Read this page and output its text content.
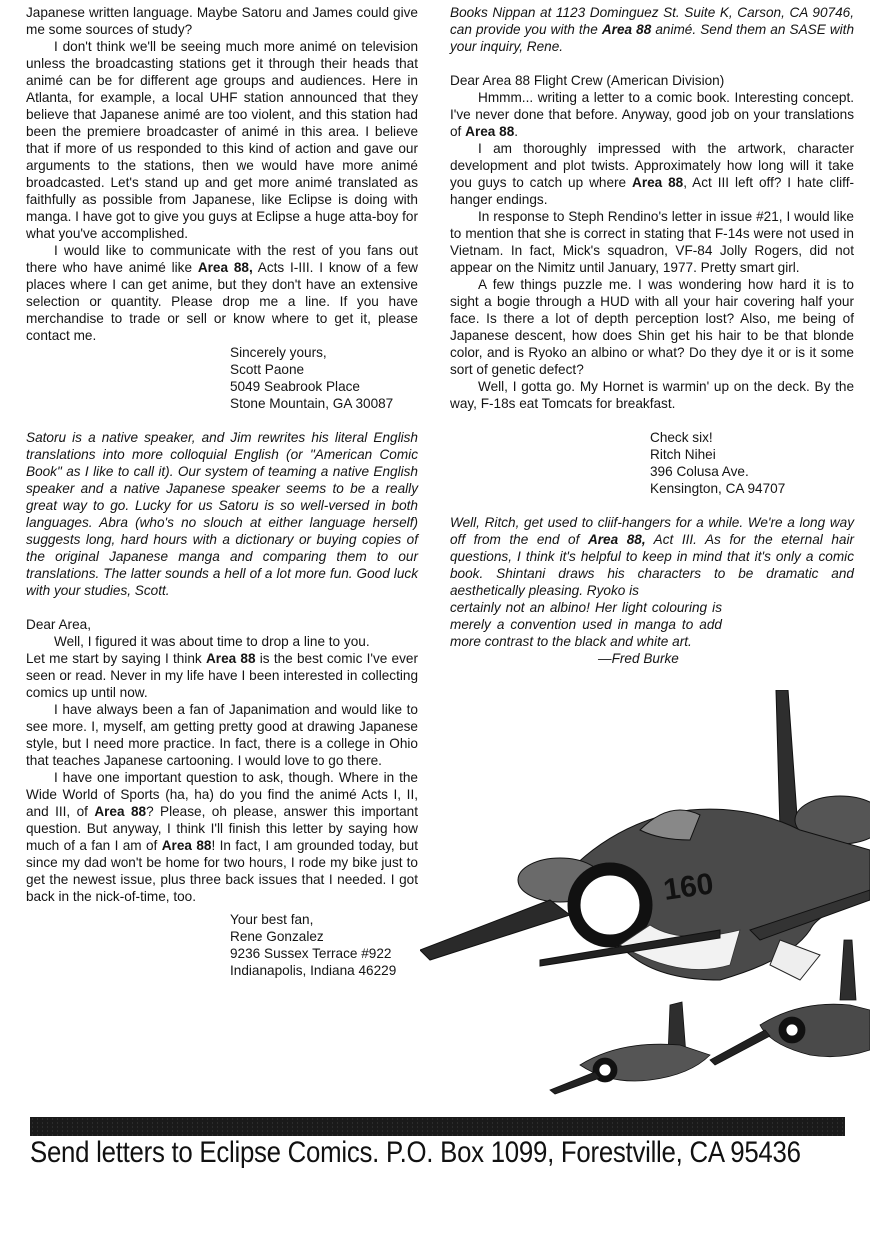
Japanese written language. Maybe Satoru and James could give me some sources of study?

I don't think we'll be seeing much more animé on television unless the broadcasting stations get it through their heads that animé can be for different age groups and audiences. Here in Atlanta, for example, a local UHF station announced that they believe that Japanese animé are too violent, and this station had been the premiere broadcaster of animé in this area. I believe that if more of us responded to this kind of action and gave our arguments to the stations, then we would have more animé broadcasted. Let's stand up and get more animé translated as faithfully as possible from Japanese, like Eclipse is doing with manga. I have got to give you guys at Eclipse a huge atta-boy for what you've accomplished.

I would like to communicate with the rest of you fans out there who have animé like Area 88, Acts I-III. I know of a few places where I can get anime, but they don't have an extensive selection or quantity. Please drop me a line. If you have merchandise to trade or sell or know where to get it, please contact me.

Sincerely yours,

Scott Paone

5049 Seabrook Place

Stone Mountain, GA 30087

Satoru is a native speaker, and Jim rewrites his literal English translations into more colloquial English (or "American Comic Book" as I like to call it). Our system of teaming a native English speaker and a native Japanese speaker seems to be a really great way to go. Lucky for us Satoru is so well-versed in both languages. Abra (who's no slouch at either language herself) suggests long, hard hours with a dictionary or buying copies of the original Japanese manga and comparing them to our translations. The latter sounds a hell of a lot more fun. Good luck with your studies, Scott.

Dear Area,

Well, I figured it was about time to drop a line to you.

Let me start by saying I think Area 88 is the best comic I've ever seen or read. Never in my life have I been interested in collecting comics up until now.

I have always been a fan of Japanimation and would like to see more. I, myself, am getting pretty good at drawing Japanese style, but I need more practice. In fact, there is a college in Ohio that teaches Japanese cartooning. I would love to go there.

I have one important question to ask, though. Where in the Wide World of Sports (ha, ha) do you find the animé Acts I, II, and III, of Area 88? Please, oh please, answer this important question. But anyway, I think I'll finish this letter by saying how much of a fan I am of Area 88! In fact, I am grounded today, but since my dad won't be home for two hours, I rode my bike just to get the newest issue, plus three back issues that I needed. I got back in the nick-of-time, too.

Your best fan,

Rene Gonzalez

9236 Sussex Terrace #922

Indianapolis, Indiana 46229

Books Nippan at 1123 Dominguez St. Suite K, Carson, CA 90746, can provide you with the Area 88 animé. Send them an SASE with your inquiry, Rene.

Dear Area 88 Flight Crew (American Division)

Hmmm... writing a letter to a comic book. Interesting concept. I've never done that before. Anyway, good job on your translations of Area 88.

I am thoroughly impressed with the artwork, character development and plot twists. Approximately how long will it take you guys to catch up where Area 88, Act III left off? I hate cliff-hanger endings.

In response to Steph Rendino's letter in issue #21, I would like to mention that she is correct in stating that F-14s were not used in Vietnam. In fact, Mick's squadron, VF-84 Jolly Rogers, did not appear on the Nimitz until January, 1977. Pretty smart girl.

A few things puzzle me. I was wondering how hard it is to sight a bogie through a HUD with all your hair covering half your face. Is there a lot of depth perception lost? Also, me being of Japanese descent, how does Shin get his hair to be that blonde color, and is Ryoko an albino or what? Do they dye it or is it some sort of genetic defect?

Well, I gotta go. My Hornet is warmin' up on the deck. By the way, F-18s eat Tomcats for breakfast.

Check six!

Ritch Nihei

396 Colusa Ave.

Kensington, CA 94707

Well, Ritch, get used to cliif-hangers for a while. We're a long way off from the end of Area 88, Act III. As for the eternal hair questions, I think it's helpful to keep in mind that it's only a comic book. Shintani draws his characters to be dramatic and aesthetically pleasing. Ryoko is

certainly not an albino! Her light colouring is merely a convention used in manga to add more contrast to the black and white art.

—Fred Burke

160
Send letters to Eclipse Comics. P.O. Box 1099, Forestville, CA 95436
